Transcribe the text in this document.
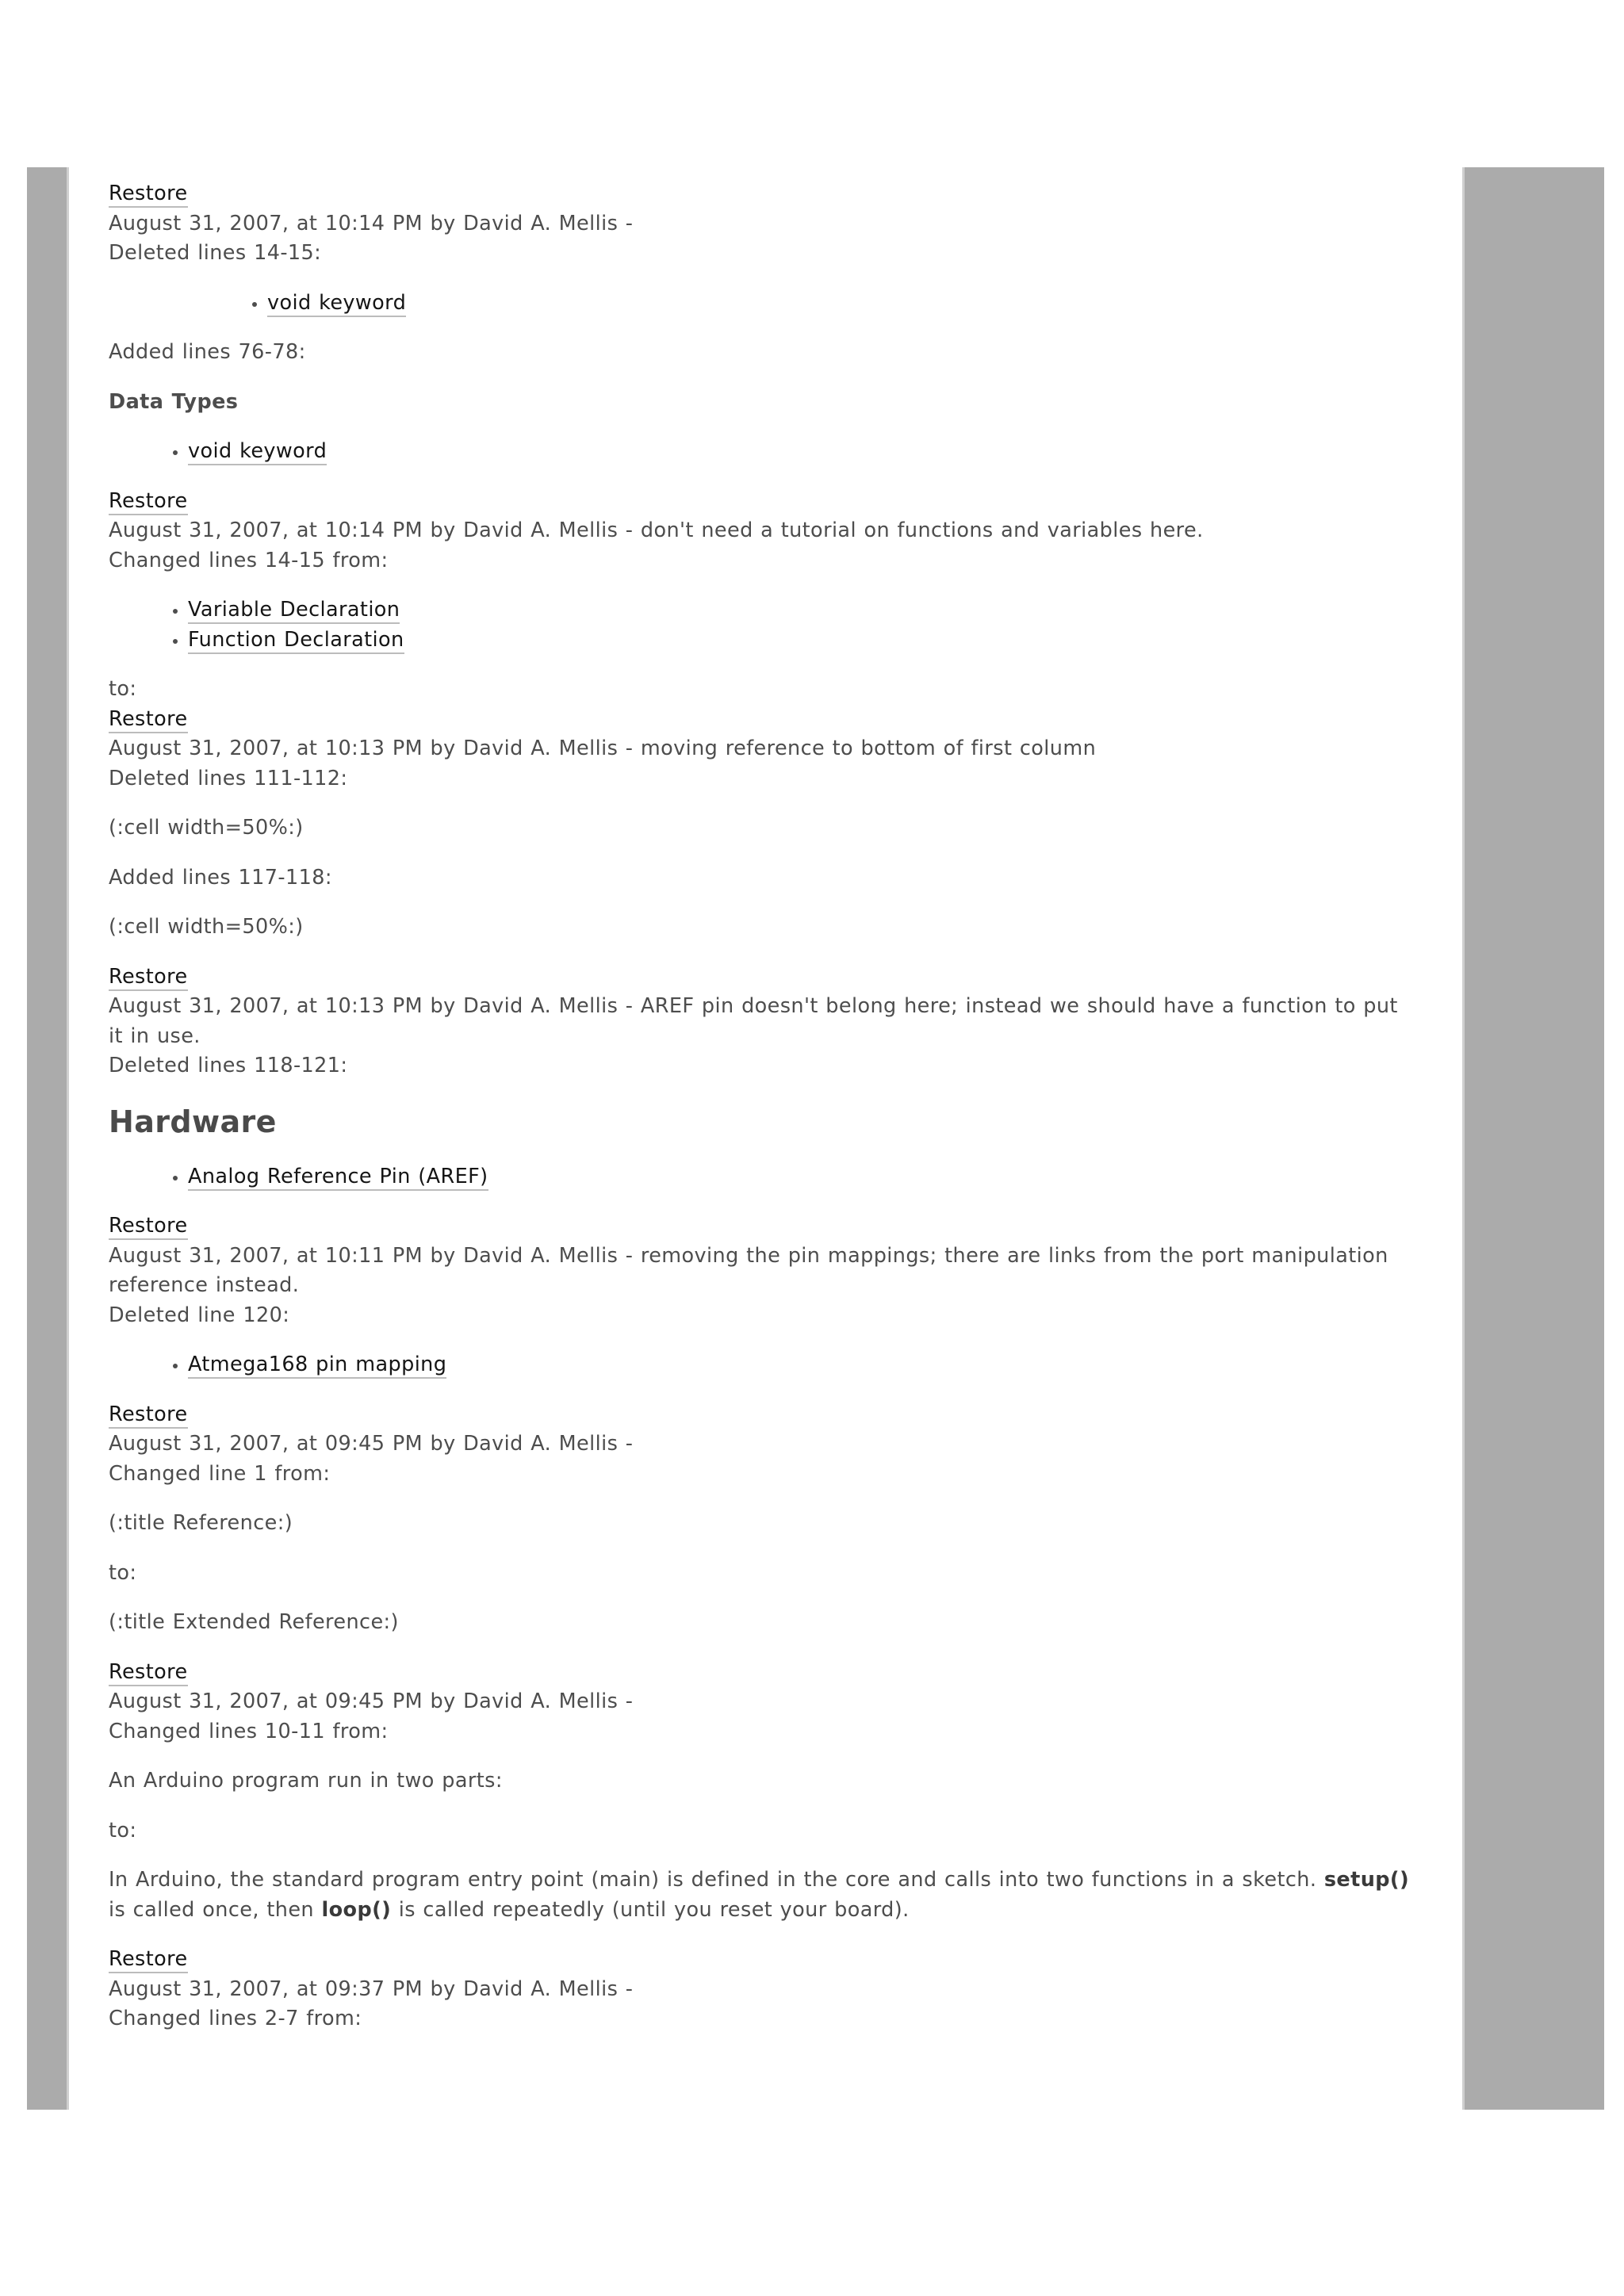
Restore
August 31, 2007, at 10:14 PM by David A. Mellis -
Deleted lines 14-15:
• void keyword
Added lines 76-78:
Data Types
• void keyword
Restore
August 31, 2007, at 10:14 PM by David A. Mellis - don't need a tutorial on functions and variables here.
Changed lines 14-15 from:
• Variable Declaration
• Function Declaration
to:
Restore
August 31, 2007, at 10:13 PM by David A. Mellis - moving reference to bottom of first column
Deleted lines 111-112:

(:cell width=50%:)

Added lines 117-118:

(:cell width=50%:)

Restore
August 31, 2007, at 10:13 PM by David A. Mellis - AREF pin doesn't belong here; instead we should have a function to put it in use.
Deleted lines 118-121:
Hardware
• Analog Reference Pin (AREF)
Restore
August 31, 2007, at 10:11 PM by David A. Mellis - removing the pin mappings; there are links from the port manipulation reference instead.
Deleted line 120:
• Atmega168 pin mapping
Restore
August 31, 2007, at 09:45 PM by David A. Mellis -
Changed line 1 from:

(:title Reference:)

to:

(:title Extended Reference:)

Restore
August 31, 2007, at 09:45 PM by David A. Mellis -
Changed lines 10-11 from:

An Arduino program run in two parts:

to:

In Arduino, the standard program entry point (main) is defined in the core and calls into two functions in a sketch. setup() is called once, then loop() is called repeatedly (until you reset your board).

Restore
August 31, 2007, at 09:37 PM by David A. Mellis -
Changed lines 2-7 from:
